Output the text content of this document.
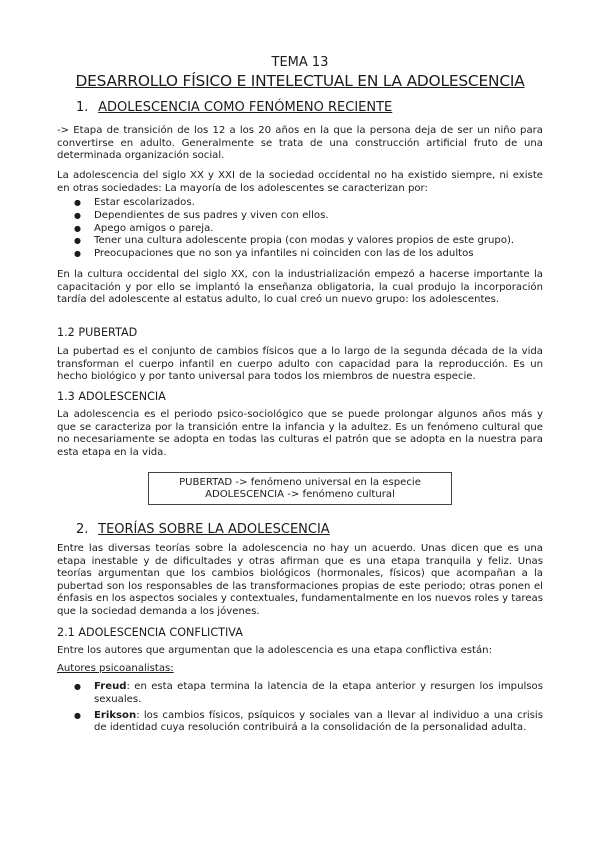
TEMA 13
DESARROLLO FÍSICO E INTELECTUAL EN LA ADOLESCENCIA
1. ADOLESCENCIA COMO FENÓMENO RECIENTE

-> Etapa de transición de los 12 a los 20 años en la que la persona deja de ser un niño para convertirse en adulto. Generalmente se trata de una construcción artificial fruto de una determinada organización social.

La adolescencia del siglo XX y XXI de la sociedad occidental no ha existido siempre, ni existe en otras sociedades: La mayoría de los adolescentes se caracterizan por:

● Estar escolarizados.
● Dependientes de sus padres y viven con ellos.
● Apego amigos o pareja.
● Tener una cultura adolescente propia (con modas y valores propios de este grupo).
● Preocupaciones que no son ya infantiles ni coinciden con las de los adultos

En la cultura occidental del siglo XX, con la industrialización empezó a hacerse importante la capacitación y por ello se implantó la enseñanza obligatoria, la cual produjo la incorporación tardía del adolescente al estatus adulto, lo cual creó un nuevo grupo: los adolescentes.

1.2 PUBERTAD

La pubertad es el conjunto de cambios físicos que a lo largo de la segunda década de la vida transforman el cuerpo infantil en cuerpo adulto con capacidad para la reproducción. Es un hecho biológico y por tanto universal para todos los miembros de nuestra especie.

1.3 ADOLESCENCIA

La adolescencia es el periodo psico-sociológico que se puede prolongar algunos años más y que se caracteriza por la transición entre la infancia y la adultez. Es un fenómeno cultural que no necesariamente se adopta en todas las culturas el patrón que se adopta en la nuestra para esta etapa en la vida.

PUBERTAD -> fenómeno universal en la especie
ADOLESCENCIA -> fenómeno cultural
2. TEORÍAS SOBRE LA ADOLESCENCIA

Entre las diversas teorías sobre la adolescencia no hay un acuerdo. Unas dicen que es una etapa inestable y de dificultades y otras afirman que es una etapa tranquila y feliz. Unas teorías argumentan que los cambios biológicos (hormonales, físicos) que acompañan a la pubertad son los responsables de las transformaciones propias de este periodo; otras ponen el énfasis en los aspectos sociales y contextuales, fundamentalmente en los nuevos roles y tareas que la sociedad demanda a los jóvenes.

2.1 ADOLESCENCIA CONFLICTIVA

Entre los autores que argumentan que la adolescencia es una etapa conflictiva están:

Autores psicoanalistas:

● Freud: en esta etapa termina la latencia de la etapa anterior y resurgen los impulsos sexuales.
● Erikson: los cambios físicos, psíquicos y sociales van a llevar al individuo a una crisis de identidad cuya resolución contribuirá a la consolidación de la personalidad adulta.
